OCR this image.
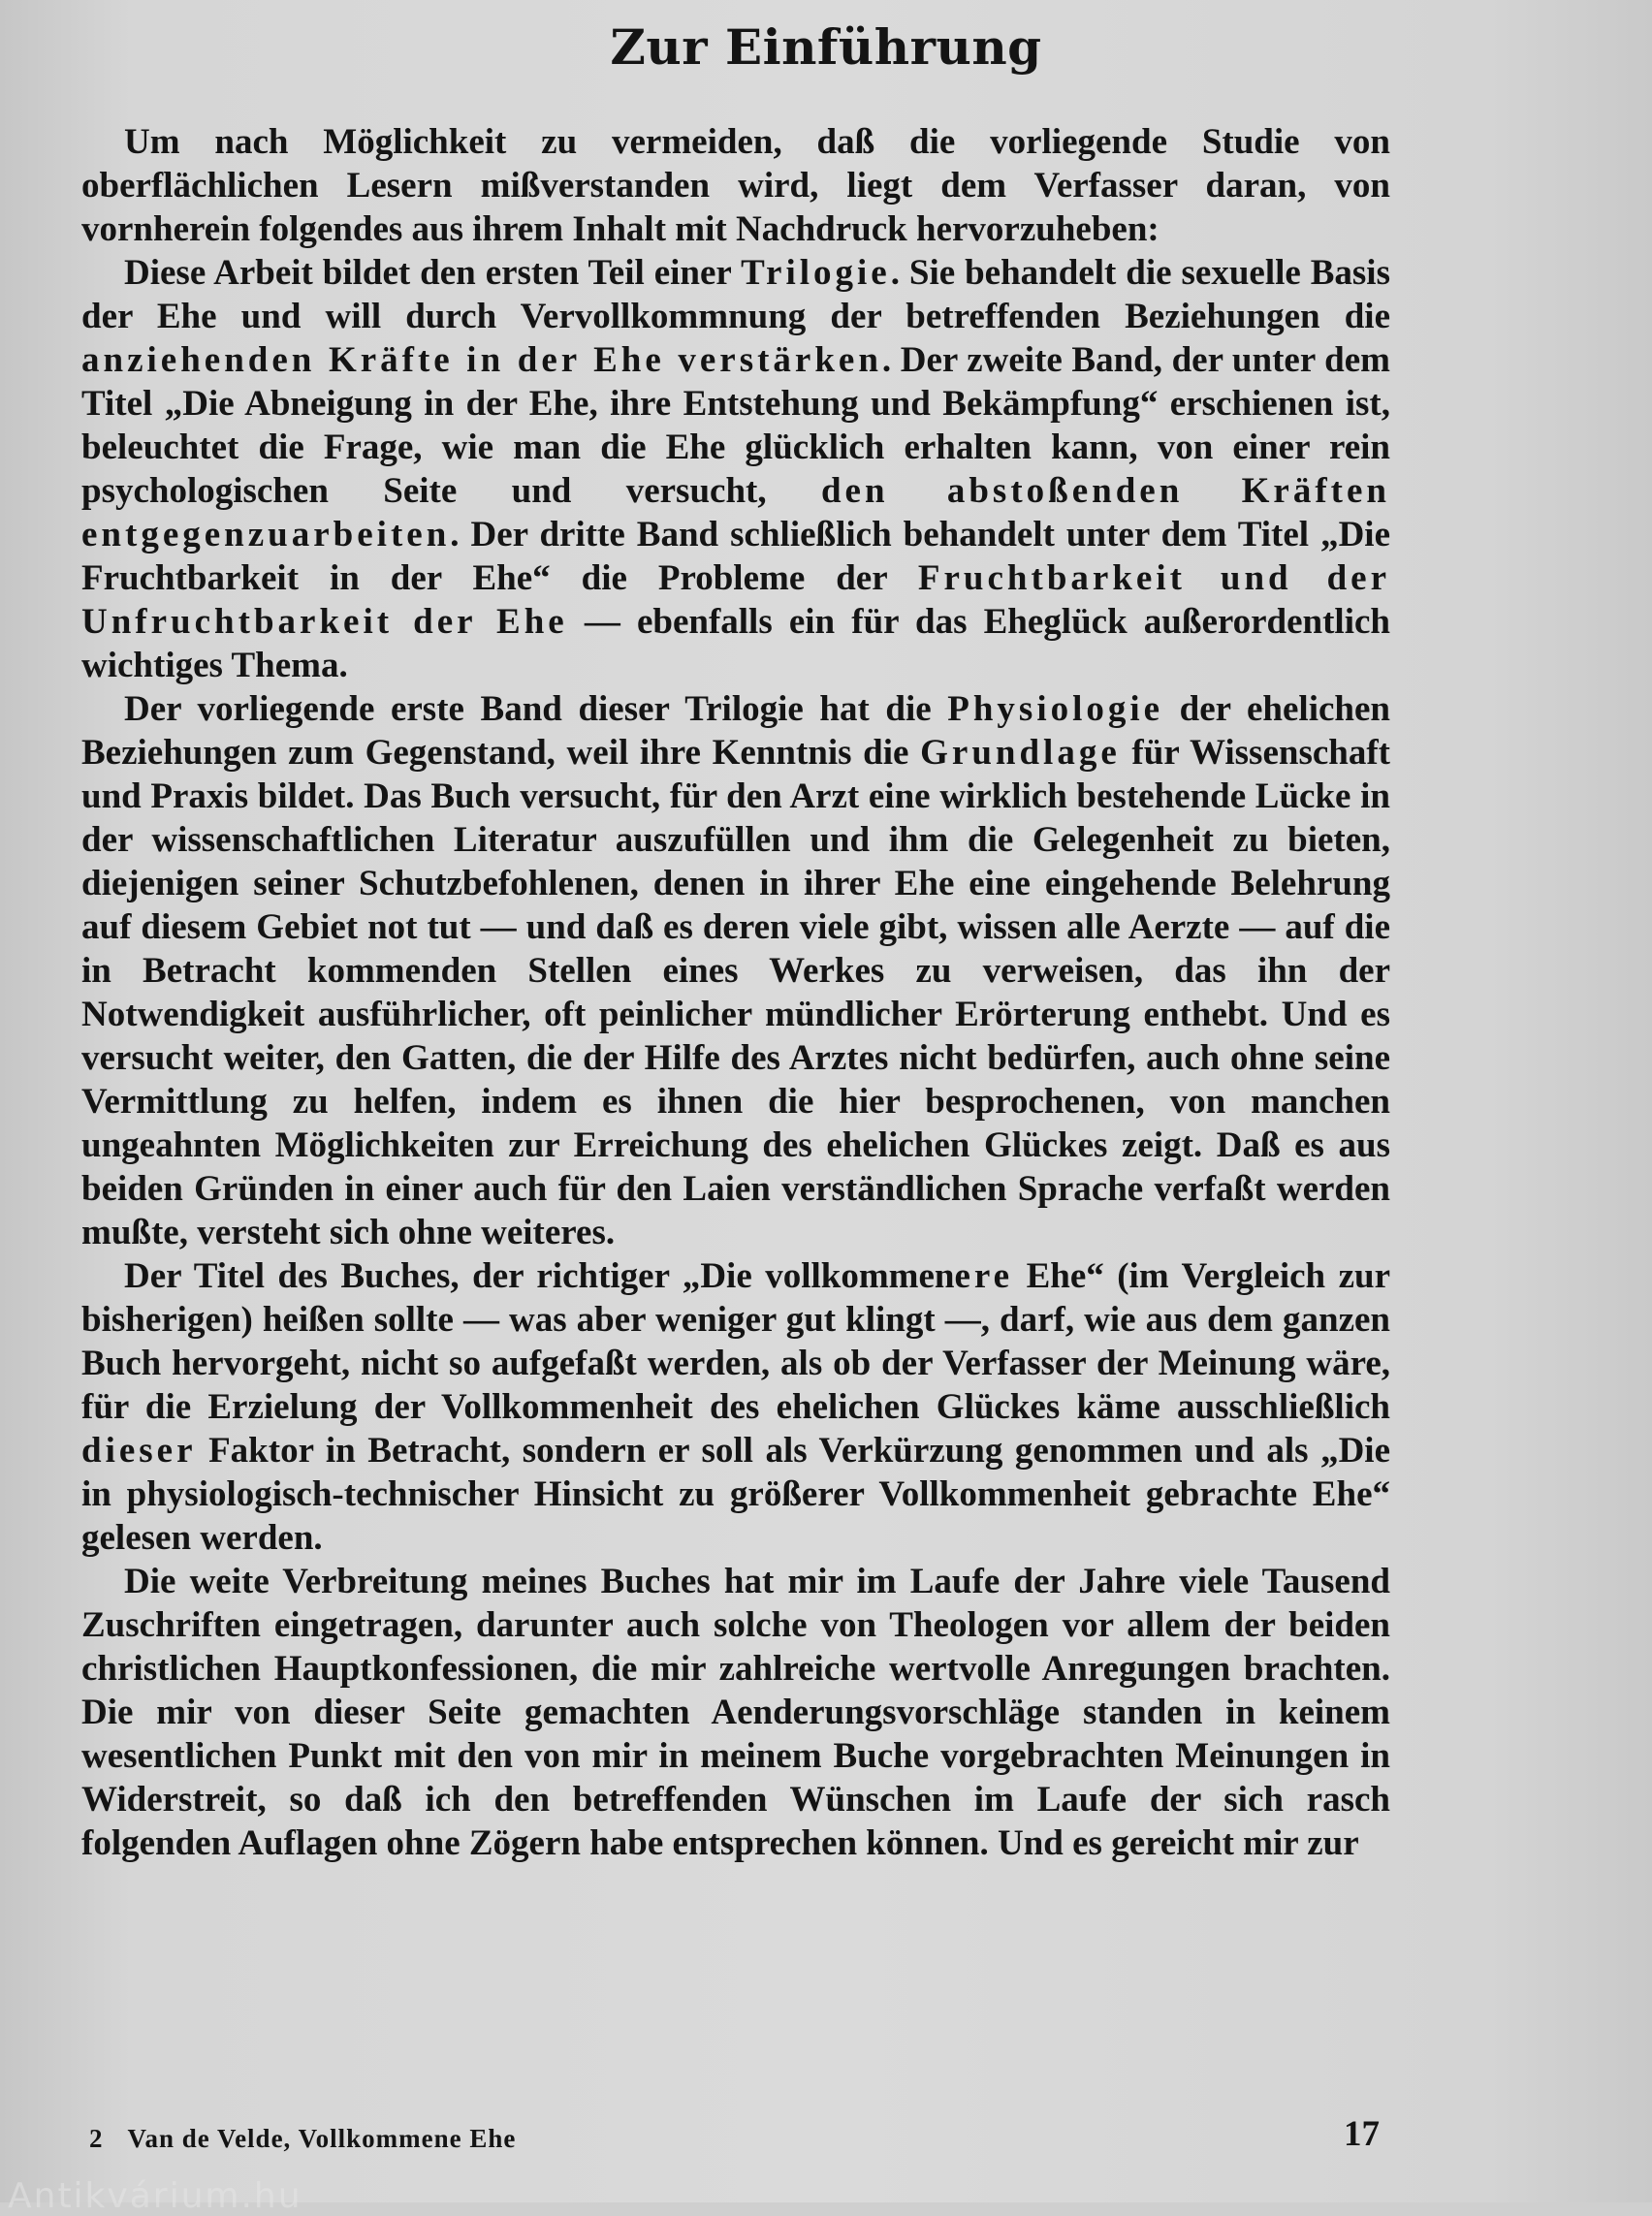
Zur Einführung

Um nach Möglichkeit zu vermeiden, daß die vorliegende Studie von oberflächlichen Lesern mißverstanden wird, liegt dem Verfasser daran, von vornherein folgendes aus ihrem Inhalt mit Nachdruck hervorzuheben:

Diese Arbeit bildet den ersten Teil einer Trilogie. Sie behandelt die sexuelle Basis der Ehe und will durch Vervollkommnung der betreffenden Beziehungen die anziehenden Kräfte in der Ehe verstärken. Der zweite Band, der unter dem Titel „Die Abneigung in der Ehe, ihre Entstehung und Bekämpfung“ erschienen ist, beleuchtet die Frage, wie man die Ehe glücklich erhalten kann, von einer rein psychologischen Seite und versucht, den abstoßenden Kräften entgegenzuarbeiten. Der dritte Band schließlich behandelt unter dem Titel „Die Fruchtbarkeit in der Ehe“ die Probleme der Fruchtbarkeit und der Unfruchtbarkeit der Ehe — ebenfalls ein für das Eheglück außerordentlich wichtiges Thema.

Der vorliegende erste Band dieser Trilogie hat die Physiologie der ehelichen Beziehungen zum Gegenstand, weil ihre Kenntnis die Grundlage für Wissenschaft und Praxis bildet. Das Buch versucht, für den Arzt eine wirklich bestehende Lücke in der wissenschaftlichen Literatur auszufüllen und ihm die Gelegenheit zu bieten, diejenigen seiner Schutzbefohlenen, denen in ihrer Ehe eine eingehende Belehrung auf diesem Gebiet not tut — und daß es deren viele gibt, wissen alle Aerzte — auf die in Betracht kommenden Stellen eines Werkes zu verweisen, das ihn der Notwendigkeit ausführlicher, oft peinlicher mündlicher Erörterung enthebt. Und es versucht weiter, den Gatten, die der Hilfe des Arztes nicht bedürfen, auch ohne seine Vermittlung zu helfen, indem es ihnen die hier besprochenen, von manchen ungeahnten Möglichkeiten zur Erreichung des ehelichen Glückes zeigt. Daß es aus beiden Gründen in einer auch für den Laien verständlichen Sprache verfaßt werden mußte, versteht sich ohne weiteres.

Der Titel des Buches, der richtiger „Die vollkommenere Ehe“ (im Vergleich zur bisherigen) heißen sollte — was aber weniger gut klingt —, darf, wie aus dem ganzen Buch hervorgeht, nicht so aufgefaßt werden, als ob der Verfasser der Meinung wäre, für die Erzielung der Vollkommenheit des ehelichen Glückes käme ausschließlich dieser Faktor in Betracht, sondern er soll als Verkürzung genommen und als „Die in physiologisch-technischer Hinsicht zu größerer Vollkommenheit gebrachte Ehe“ gelesen werden.

Die weite Verbreitung meines Buches hat mir im Laufe der Jahre viele Tausend Zuschriften eingetragen, darunter auch solche von Theologen vor allem der beiden christlichen Hauptkonfessionen, die mir zahlreiche wertvolle Anregungen brachten. Die mir von dieser Seite gemachten Aenderungsvorschläge standen in keinem wesentlichen Punkt mit den von mir in meinem Buche vorgebrachten Meinungen in Widerstreit, so daß ich den betreffenden Wünschen im Laufe der sich rasch folgenden Auflagen ohne Zögern habe entsprechen können. Und es gereicht mir zur

2 Van de Velde, Vollkommene Ehe	17
Antikvárium.hu
